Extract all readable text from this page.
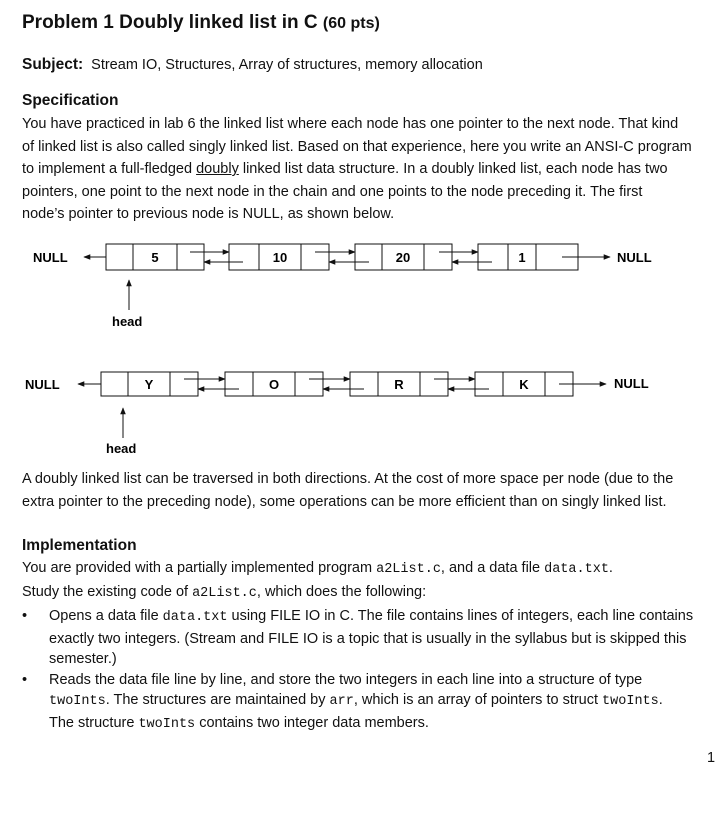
Problem 1 Doubly linked list in C (60 pts)
Subject: Stream IO, Structures, Array of structures, memory allocation
Specification
You have practiced in lab 6 the linked list where each node has one pointer to the next node. That kind
of linked list is also called singly linked list. Based on that experience, here you write an ANSI-C program
to implement a full-fledged doubly linked list data structure. In a doubly linked list, each node has two
pointers, one point to the next node in the chain and one points to the node preceding it. The first
node’s pointer to previous node is NULL, as shown below.
NULL	5	10	20	1	NULL
head
NULL	Y	O	R	K	NULL
head
A doubly linked list can be traversed in both directions. At the cost of more space per node (due to the
extra pointer to the preceding node), some operations can be more efficient than on singly linked list.
Implementation
You are provided with a partially implemented program a2List.c, and a data file data.txt.
Study the existing code of a2List.c, which does the following:
• Opens a data file data.txt using FILE IO in C. The file contains lines of integers, each line contains
exactly two integers. (Stream and FILE IO is a topic that is usually in the syllabus but is skipped this
semester.)
• Reads the data file line by line, and store the two integers in each line into a structure of type
twoInts. The structures are maintained by arr, which is an array of pointers to struct twoInts.
The structure twoInts contains two integer data members.
1
